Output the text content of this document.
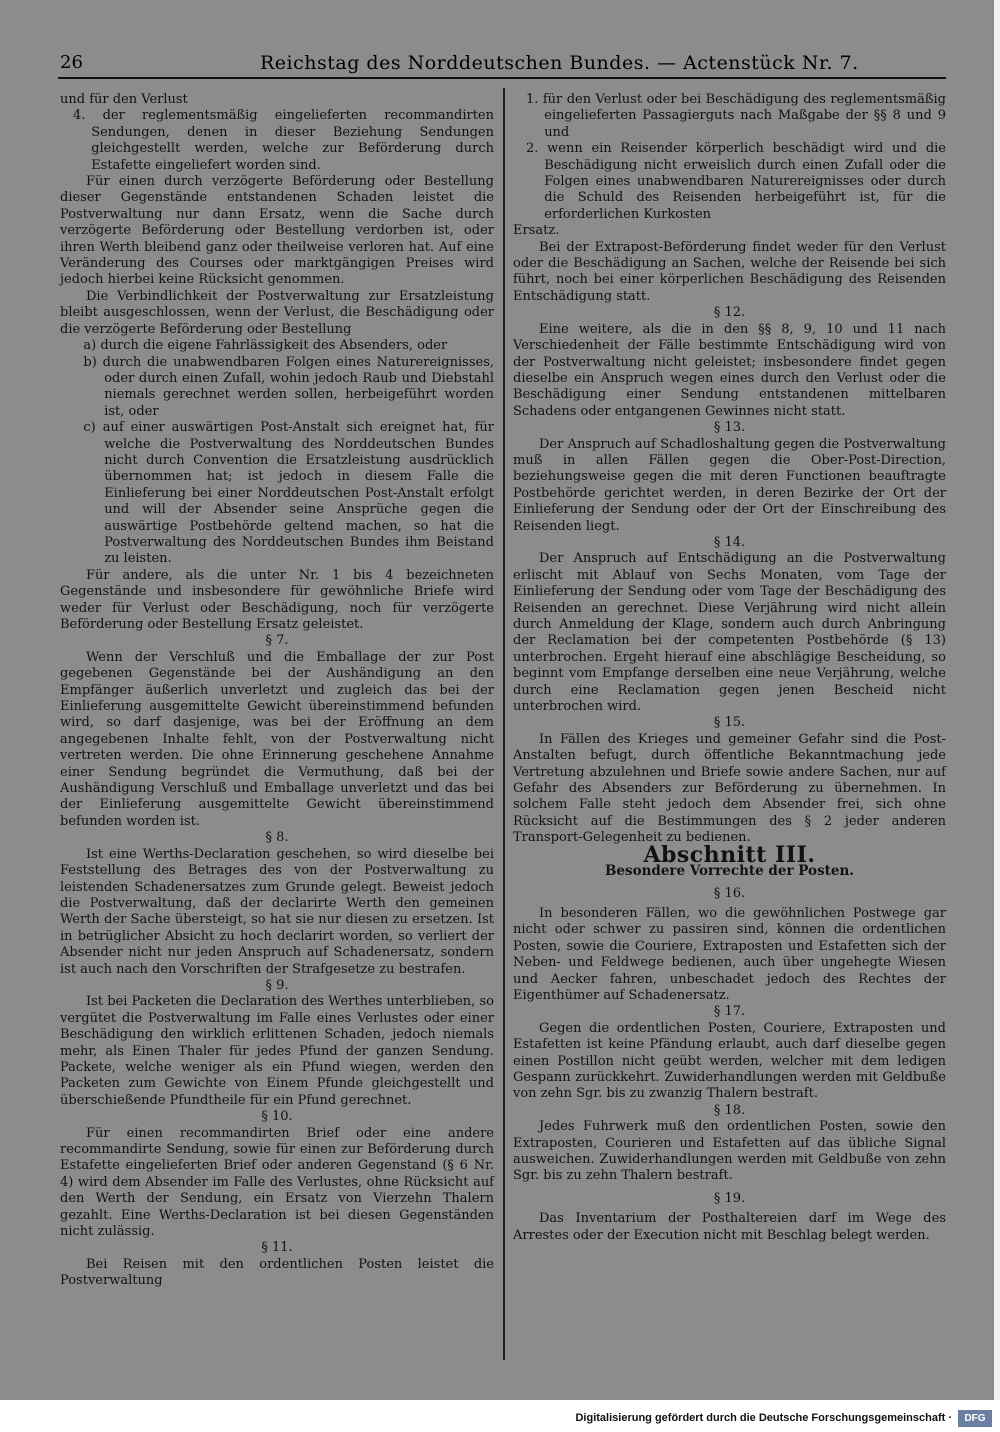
26	Reichstag des Norddeutschen Bundes. — Actenstück Nr. 7.

und für den Verlust

4. der reglementsmäßig eingelieferten recommandirten Sendungen, denen in dieser Beziehung Sendungen gleichgestellt werden, welche zur Beförderung durch Estafette eingeliefert worden sind.

Für einen durch verzögerte Beförderung oder Bestellung dieser Gegenstände entstandenen Schaden leistet die Postverwaltung nur dann Ersatz, wenn die Sache durch verzögerte Beförderung oder Bestellung verdorben ist, oder ihren Werth bleibend ganz oder theilweise verloren hat. Auf eine Veränderung des Courses oder marktgängigen Preises wird jedoch hierbei keine Rücksicht genommen.

Die Verbindlichkeit der Postverwaltung zur Ersatzleistung bleibt ausgeschlossen, wenn der Verlust, die Beschädigung oder die verzögerte Beförderung oder Bestellung

a) durch die eigene Fahrlässigkeit des Absenders, oder

b) durch die unabwendbaren Folgen eines Naturereignisses, oder durch einen Zufall, wohin jedoch Raub und Diebstahl niemals gerechnet werden sollen, herbeigeführt worden ist, oder

c) auf einer auswärtigen Post-Anstalt sich ereignet hat, für welche die Postverwaltung des Norddeutschen Bundes nicht durch Convention die Ersatzleistung ausdrücklich übernommen hat; ist jedoch in diesem Falle die Einlieferung bei einer Norddeutschen Post-Anstalt erfolgt und will der Absender seine Ansprüche gegen die auswärtige Postbehörde geltend machen, so hat die Postverwaltung des Norddeutschen Bundes ihm Beistand zu leisten.

Für andere, als die unter Nr. 1 bis 4 bezeichneten Gegenstände und insbesondere für gewöhnliche Briefe wird weder für Verlust oder Beschädigung, noch für verzögerte Beförderung oder Bestellung Ersatz geleistet.

§ 7.

Wenn der Verschluß und die Emballage der zur Post gegebenen Gegenstände bei der Aushändigung an den Empfänger äußerlich unverletzt und zugleich das bei der Einlieferung ausgemittelte Gewicht übereinstimmend befunden wird, so darf dasjenige, was bei der Eröffnung an dem angegebenen Inhalte fehlt, von der Postverwaltung nicht vertreten werden. Die ohne Erinnerung geschehene Annahme einer Sendung begründet die Vermuthung, daß bei der Aushändigung Verschluß und Emballage unverletzt und das bei der Einlieferung ausgemittelte Gewicht übereinstimmend befunden worden ist.

§ 8.

Ist eine Werths-Declaration geschehen, so wird dieselbe bei Feststellung des Betrages des von der Postverwaltung zu leistenden Schadenersatzes zum Grunde gelegt. Beweist jedoch die Postverwaltung, daß der declarirte Werth den gemeinen Werth der Sache übersteigt, so hat sie nur diesen zu ersetzen. Ist in betrüglicher Absicht zu hoch declarirt worden, so verliert der Absender nicht nur jeden Anspruch auf Schadenersatz, sondern ist auch nach den Vorschriften der Strafgesetze zu bestrafen.

§ 9.

Ist bei Packeten die Declaration des Werthes unterblieben, so vergütet die Postverwaltung im Falle eines Verlustes oder einer Beschädigung den wirklich erlittenen Schaden, jedoch niemals mehr, als Einen Thaler für jedes Pfund der ganzen Sendung. Packete, welche weniger als ein Pfund wiegen, werden den Packeten zum Gewichte von Einem Pfunde gleichgestellt und überschießende Pfundtheile für ein Pfund gerechnet.

§ 10.

Für einen recommandirten Brief oder eine andere recommandirte Sendung, sowie für einen zur Beförderung durch Estafette eingelieferten Brief oder anderen Gegenstand (§ 6 Nr. 4) wird dem Absender im Falle des Verlustes, ohne Rücksicht auf den Werth der Sendung, ein Ersatz von Vierzehn Thalern gezahlt. Eine Werths-Declaration ist bei diesen Gegenständen nicht zulässig.

§ 11.

Bei Reisen mit den ordentlichen Posten leistet die Postverwaltung

1. für den Verlust oder bei Beschädigung des reglementsmäßig eingelieferten Passagierguts nach Maßgabe der §§ 8 und 9 und

2. wenn ein Reisender körperlich beschädigt wird und die Beschädigung nicht erweislich durch einen Zufall oder die Folgen eines unabwendbaren Naturereignisses oder durch die Schuld des Reisenden herbeigeführt ist, für die erforderlichen Kurkosten

Ersatz.

Bei der Extrapost-Beförderung findet weder für den Verlust oder die Beschädigung an Sachen, welche der Reisende bei sich führt, noch bei einer körperlichen Beschädigung des Reisenden Entschädigung statt.

§ 12.

Eine weitere, als die in den §§ 8, 9, 10 und 11 nach Verschiedenheit der Fälle bestimmte Entschädigung wird von der Postverwaltung nicht geleistet; insbesondere findet gegen dieselbe ein Anspruch wegen eines durch den Verlust oder die Beschädigung einer Sendung entstandenen mittelbaren Schadens oder entgangenen Gewinnes nicht statt.

§ 13.

Der Anspruch auf Schadloshaltung gegen die Postverwaltung muß in allen Fällen gegen die Ober-Post-Direction, beziehungsweise gegen die mit deren Functionen beauftragte Postbehörde gerichtet werden, in deren Bezirke der Ort der Einlieferung der Sendung oder der Ort der Einschreibung des Reisenden liegt.

§ 14.

Der Anspruch auf Entschädigung an die Postverwaltung erlischt mit Ablauf von Sechs Monaten, vom Tage der Einlieferung der Sendung oder vom Tage der Beschädigung des Reisenden an gerechnet. Diese Verjährung wird nicht allein durch Anmeldung der Klage, sondern auch durch Anbringung der Reclamation bei der competenten Postbehörde (§ 13) unterbrochen. Ergeht hierauf eine abschlägige Bescheidung, so beginnt vom Empfange derselben eine neue Verjährung, welche durch eine Reclamation gegen jenen Bescheid nicht unterbrochen wird.

§ 15.

In Fällen des Krieges und gemeiner Gefahr sind die Post-Anstalten befugt, durch öffentliche Bekanntmachung jede Vertretung abzulehnen und Briefe sowie andere Sachen, nur auf Gefahr des Absenders zur Beförderung zu übernehmen. In solchem Falle steht jedoch dem Absender frei, sich ohne Rücksicht auf die Bestimmungen des § 2 jeder anderen Transport-Gelegenheit zu bedienen.

Abschnitt III.

Besondere Vorrechte der Posten.

§ 16.

In besonderen Fällen, wo die gewöhnlichen Postwege gar nicht oder schwer zu passiren sind, können die ordentlichen Posten, sowie die Couriere, Extraposten und Estafetten sich der Neben- und Feldwege bedienen, auch über ungehegte Wiesen und Aecker fahren, unbeschadet jedoch des Rechtes der Eigenthümer auf Schadenersatz.

§ 17.

Gegen die ordentlichen Posten, Couriere, Extraposten und Estafetten ist keine Pfändung erlaubt, auch darf dieselbe gegen einen Postillon nicht geübt werden, welcher mit dem ledigen Gespann zurückkehrt. Zuwiderhandlungen werden mit Geldbuße von zehn Sgr. bis zu zwanzig Thalern bestraft.

§ 18.

Jedes Fuhrwerk muß den ordentlichen Posten, sowie den Extraposten, Courieren und Estafetten auf das übliche Signal ausweichen. Zuwiderhandlungen werden mit Geldbuße von zehn Sgr. bis zu zehn Thalern bestraft.

§ 19.

Das Inventarium der Posthaltereien darf im Wege des Arrestes oder der Execution nicht mit Beschlag belegt werden.

Digitalisierung gefördert durch die Deutsche Forschungsgemeinschaft ·	DFG
